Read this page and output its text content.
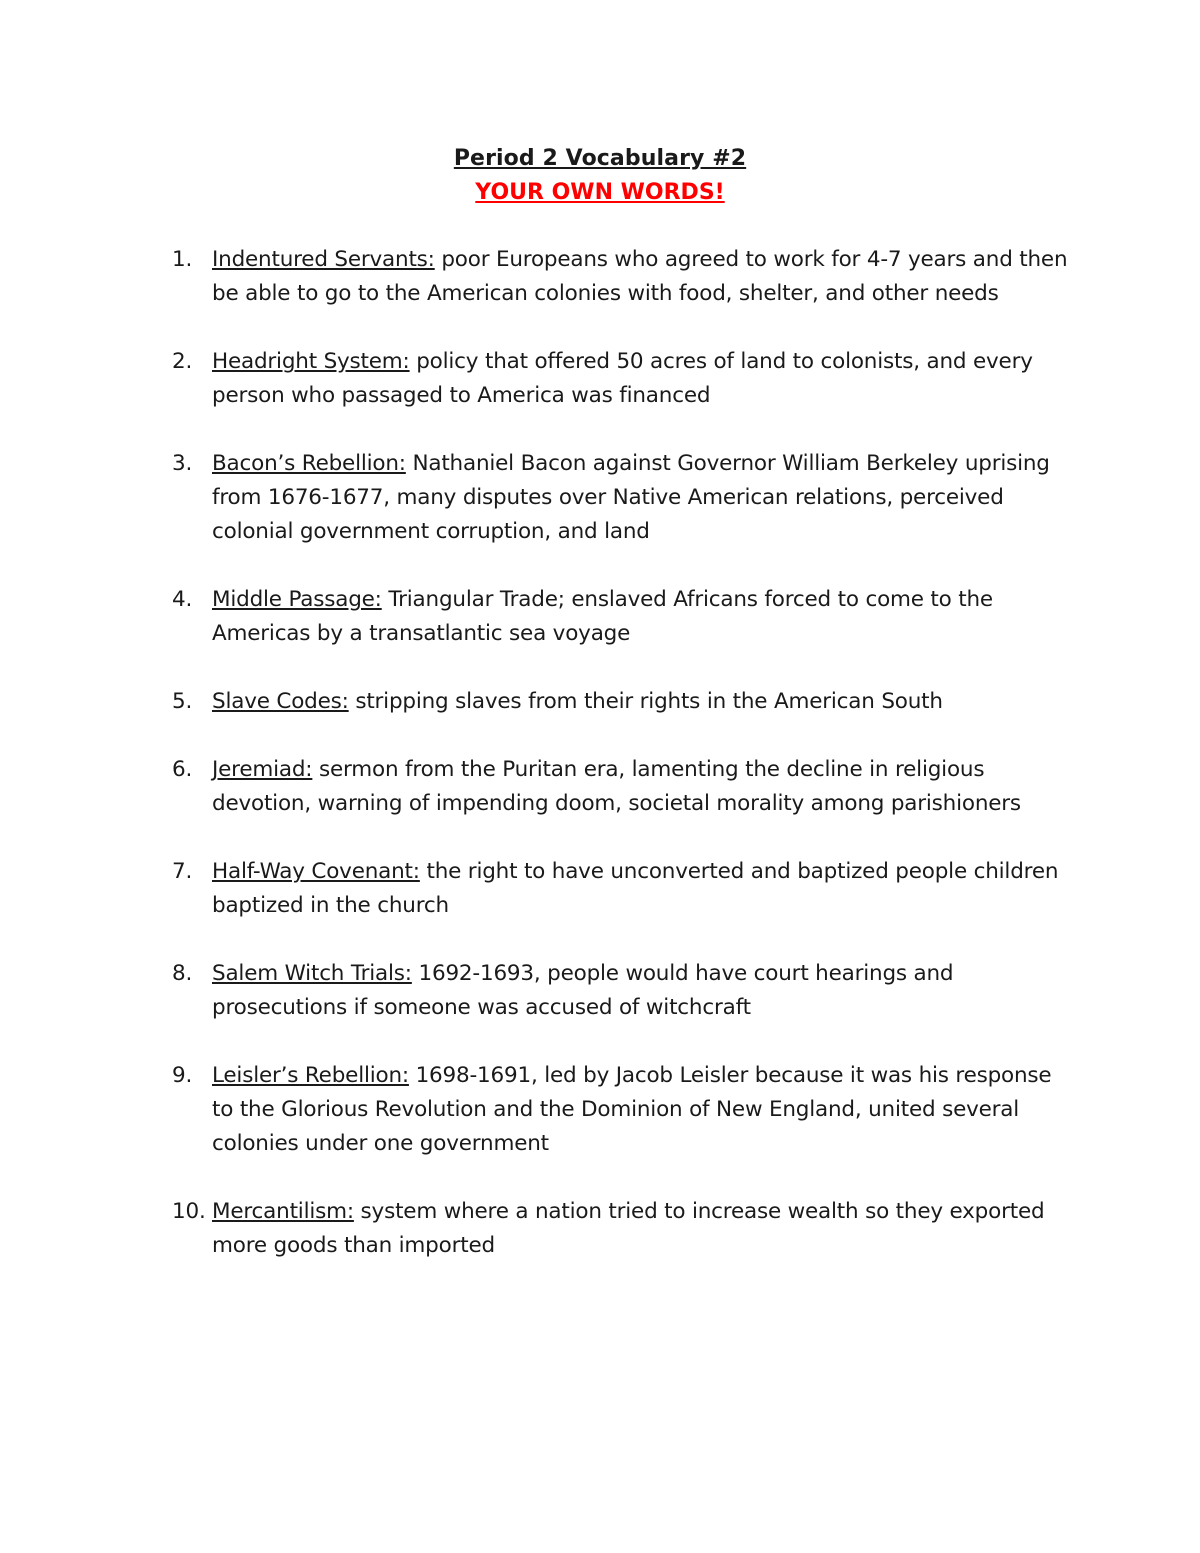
Period 2 Vocabulary #2
YOUR OWN WORDS!
1. Indentured Servants: poor Europeans who agreed to work for 4-7 years and then be able to go to the American colonies with food, shelter, and other needs
2. Headright System: policy that offered 50 acres of land to colonists, and every person who passaged to America was financed
3. Bacon’s Rebellion: Nathaniel Bacon against Governor William Berkeley uprising from 1676-1677, many disputes over Native American relations, perceived colonial government corruption, and land
4. Middle Passage: Triangular Trade; enslaved Africans forced to come to the Americas by a transatlantic sea voyage
5. Slave Codes: stripping slaves from their rights in the American South
6. Jeremiad: sermon from the Puritan era, lamenting the decline in religious devotion, warning of impending doom, societal morality among parishioners
7. Half-Way Covenant: the right to have unconverted and baptized people children baptized in the church
8. Salem Witch Trials: 1692-1693, people would have court hearings and prosecutions if someone was accused of witchcraft
9. Leisler’s Rebellion: 1698-1691, led by Jacob Leisler because it was his response to the Glorious Revolution and the Dominion of New England, united several colonies under one government
10. Mercantilism: system where a nation tried to increase wealth so they exported more goods than imported
